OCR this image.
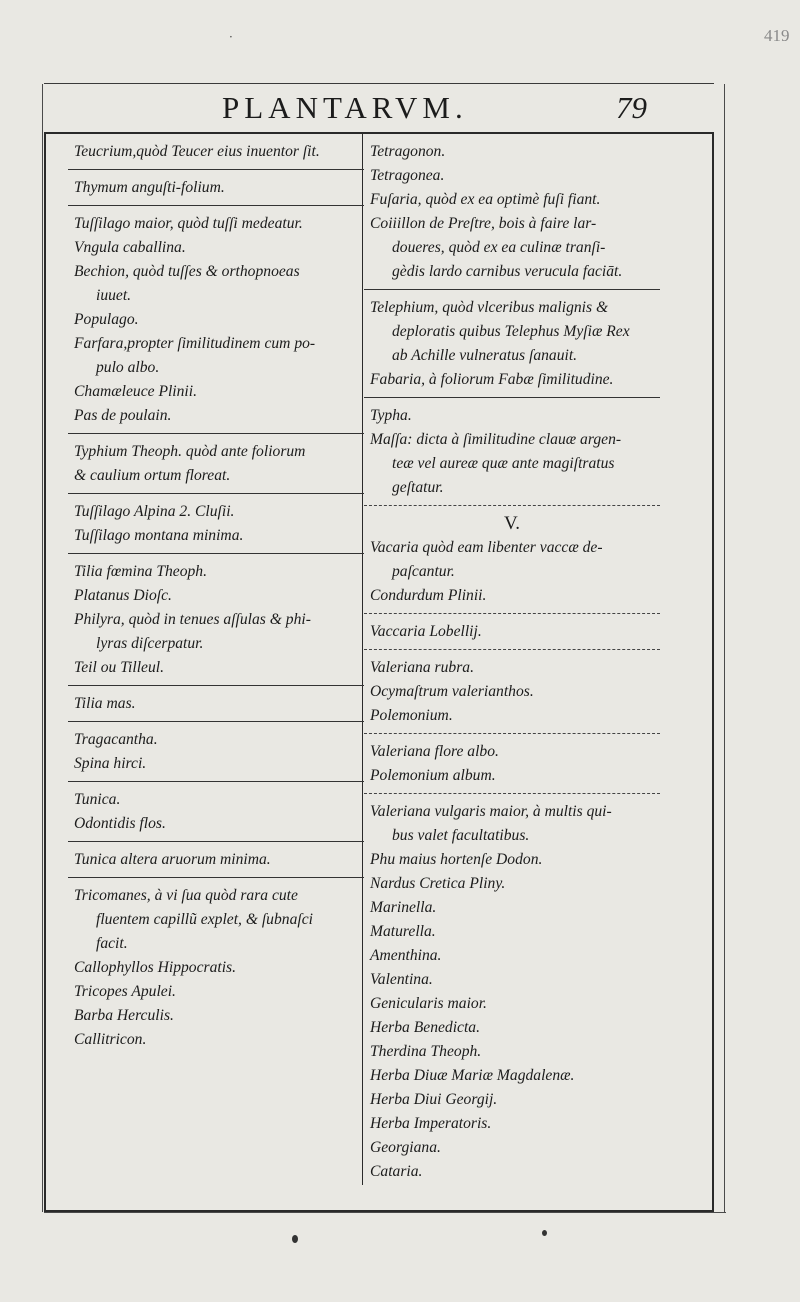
419
·
PLANTARVM.	79
Teucrium,quòd Teucer eius inuentor ſit.
Thymum anguſti-folium.
Tuſſilago maior, quòd tuſſi medeatur.
Vngula caballina.
Bechion, quòd tuſſes & orthopnoeas
iuuet.
Populago.
Farfara,propter ſimilitudinem cum po-
pulo albo.
Chamæleuce Plinii.
Pas de poulain.
Typhium Theoph. quòd ante foliorum
& caulium ortum floreat.
Tuſſilago Alpina 2. Cluſii.
Tuſſilago montana minima.
Tilia fœmina Theoph.
Platanus Dioſc.
Philyra, quòd in tenues aſſulas & phi-
lyras diſcerpatur.
Teil ou Tilleul.
Tilia mas.
Tragacantha.
Spina hirci.
Tunica.
Odontidis flos.
Tunica altera aruorum minima.
Tricomanes, à vi ſua quòd rara cute
fluentem capillũ explet, & ſubnaſci
facit.
Callophyllos Hippocratis.
Tricopes Apulei.
Barba Herculis.
Callitricon.
Tetragonon.
Tetragonea.
Fuſaria, quòd ex ea optimè fuſi fiant.
Coiiillon de Preſtre, bois à faire lar-
doueres, quòd ex ea culinæ tranſi-
gèdis lardo carnibus verucula faciāt.
Telephium, quòd vlceribus malignis &
deploratis quibus Telephus Myſiæ Rex
ab Achille vulneratus ſanauit.
Fabaria, à foliorum Fabæ ſimilitudine.
Typha.
Maſſa: dicta à ſimilitudine clauæ argen-
teæ vel aureæ quæ ante magiſtratus
geſtatur.
V.
Vacaria quòd eam libenter vaccæ de-
paſcantur.
Condurdum Plinii.
Vaccaria Lobellij.
Valeriana rubra.
Ocymaſtrum valerianthos.
Polemonium.
Valeriana flore albo.
Polemonium album.
Valeriana vulgaris maior, à multis qui-
bus valet facultatibus.
Phu maius hortenſe Dodon.
Nardus Cretica Pliny.
Marinella.
Maturella.
Amenthina.
Valentina.
Genicularis maior.
Herba Benedicta.
Therdina Theoph.
Herba Diuæ Mariæ Magdalenæ.
Herba Diui Georgij.
Herba Imperatoris.
Georgiana.
Cataria.
